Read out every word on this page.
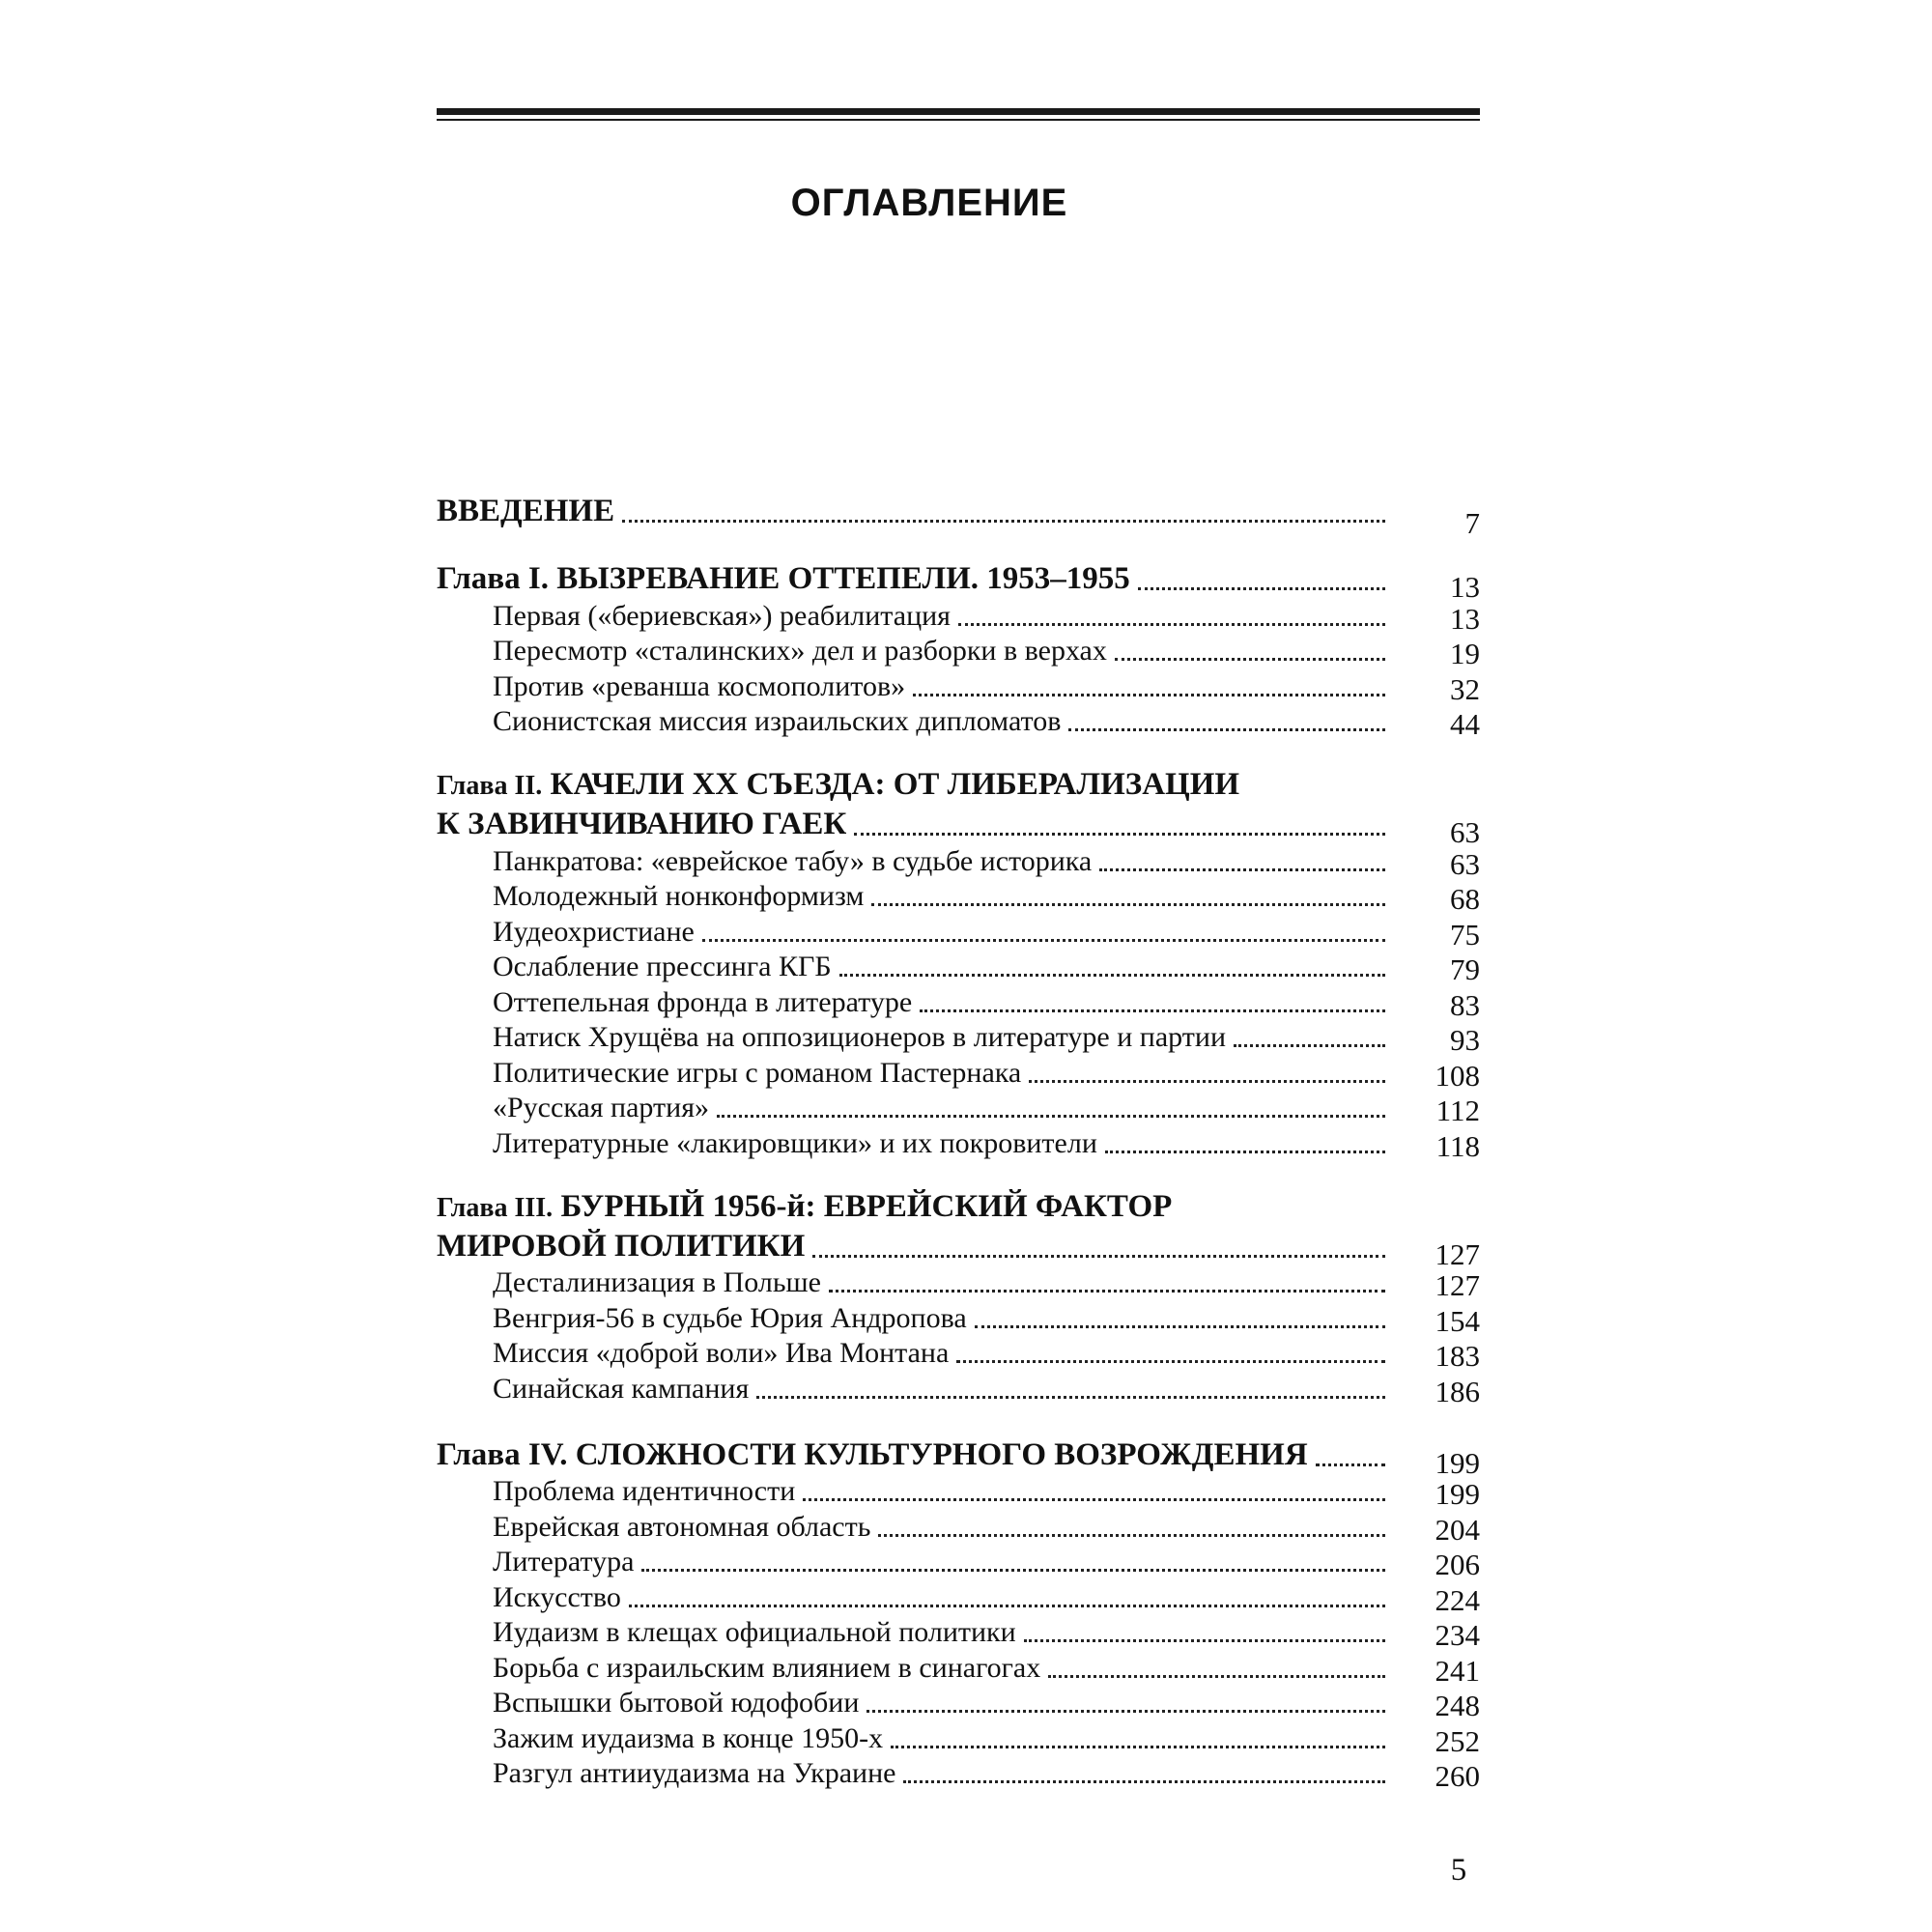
ОГЛАВЛЕНИЕ
ВВЕДЕНИЕ	7
Глава I. ВЫЗРЕВАНИЕ ОТТЕПЕЛИ. 1953–1955	13
Первая («бериевская») реабилитация	13
Пересмотр «сталинских» дел и разборки в верхах	19
Против «реванша космополитов»	32
Сионистская миссия израильских дипломатов	44
Глава II. КАЧЕЛИ XX СЪЕЗДА: ОТ ЛИБЕРАЛИЗАЦИИ
К ЗАВИНЧИВАНИЮ ГАЕК	63
Панкратова: «еврейское табу» в судьбе историка	63
Молодежный нонконформизм	68
Иудеохристиане	75
Ослабление прессинга КГБ	79
Оттепельная фронда в литературе	83
Натиск Хрущёва на оппозиционеров в литературе и партии	93
Политические игры с романом Пастернака	108
«Русская партия»	112
Литературные «лакировщики» и их покровители	118
Глава III. БУРНЫЙ 1956-й: ЕВРЕЙСКИЙ ФАКТОР
МИРОВОЙ ПОЛИТИКИ	127
Десталинизация в Польше	127
Венгрия-56 в судьбе Юрия Андропова	154
Миссия «доброй воли» Ива Монтана	183
Синайская кампания	186
Глава IV. СЛОЖНОСТИ КУЛЬТУРНОГО ВОЗРОЖДЕНИЯ	199
Проблема идентичности	199
Еврейская автономная область	204
Литература	206
Искусство	224
Иудаизм в клещах официальной политики	234
Борьба с израильским влиянием в синагогах	241
Вспышки бытовой юдофобии	248
Зажим иудаизма в конце 1950-х	252
Разгул антииудаизма на Украине	260
5
